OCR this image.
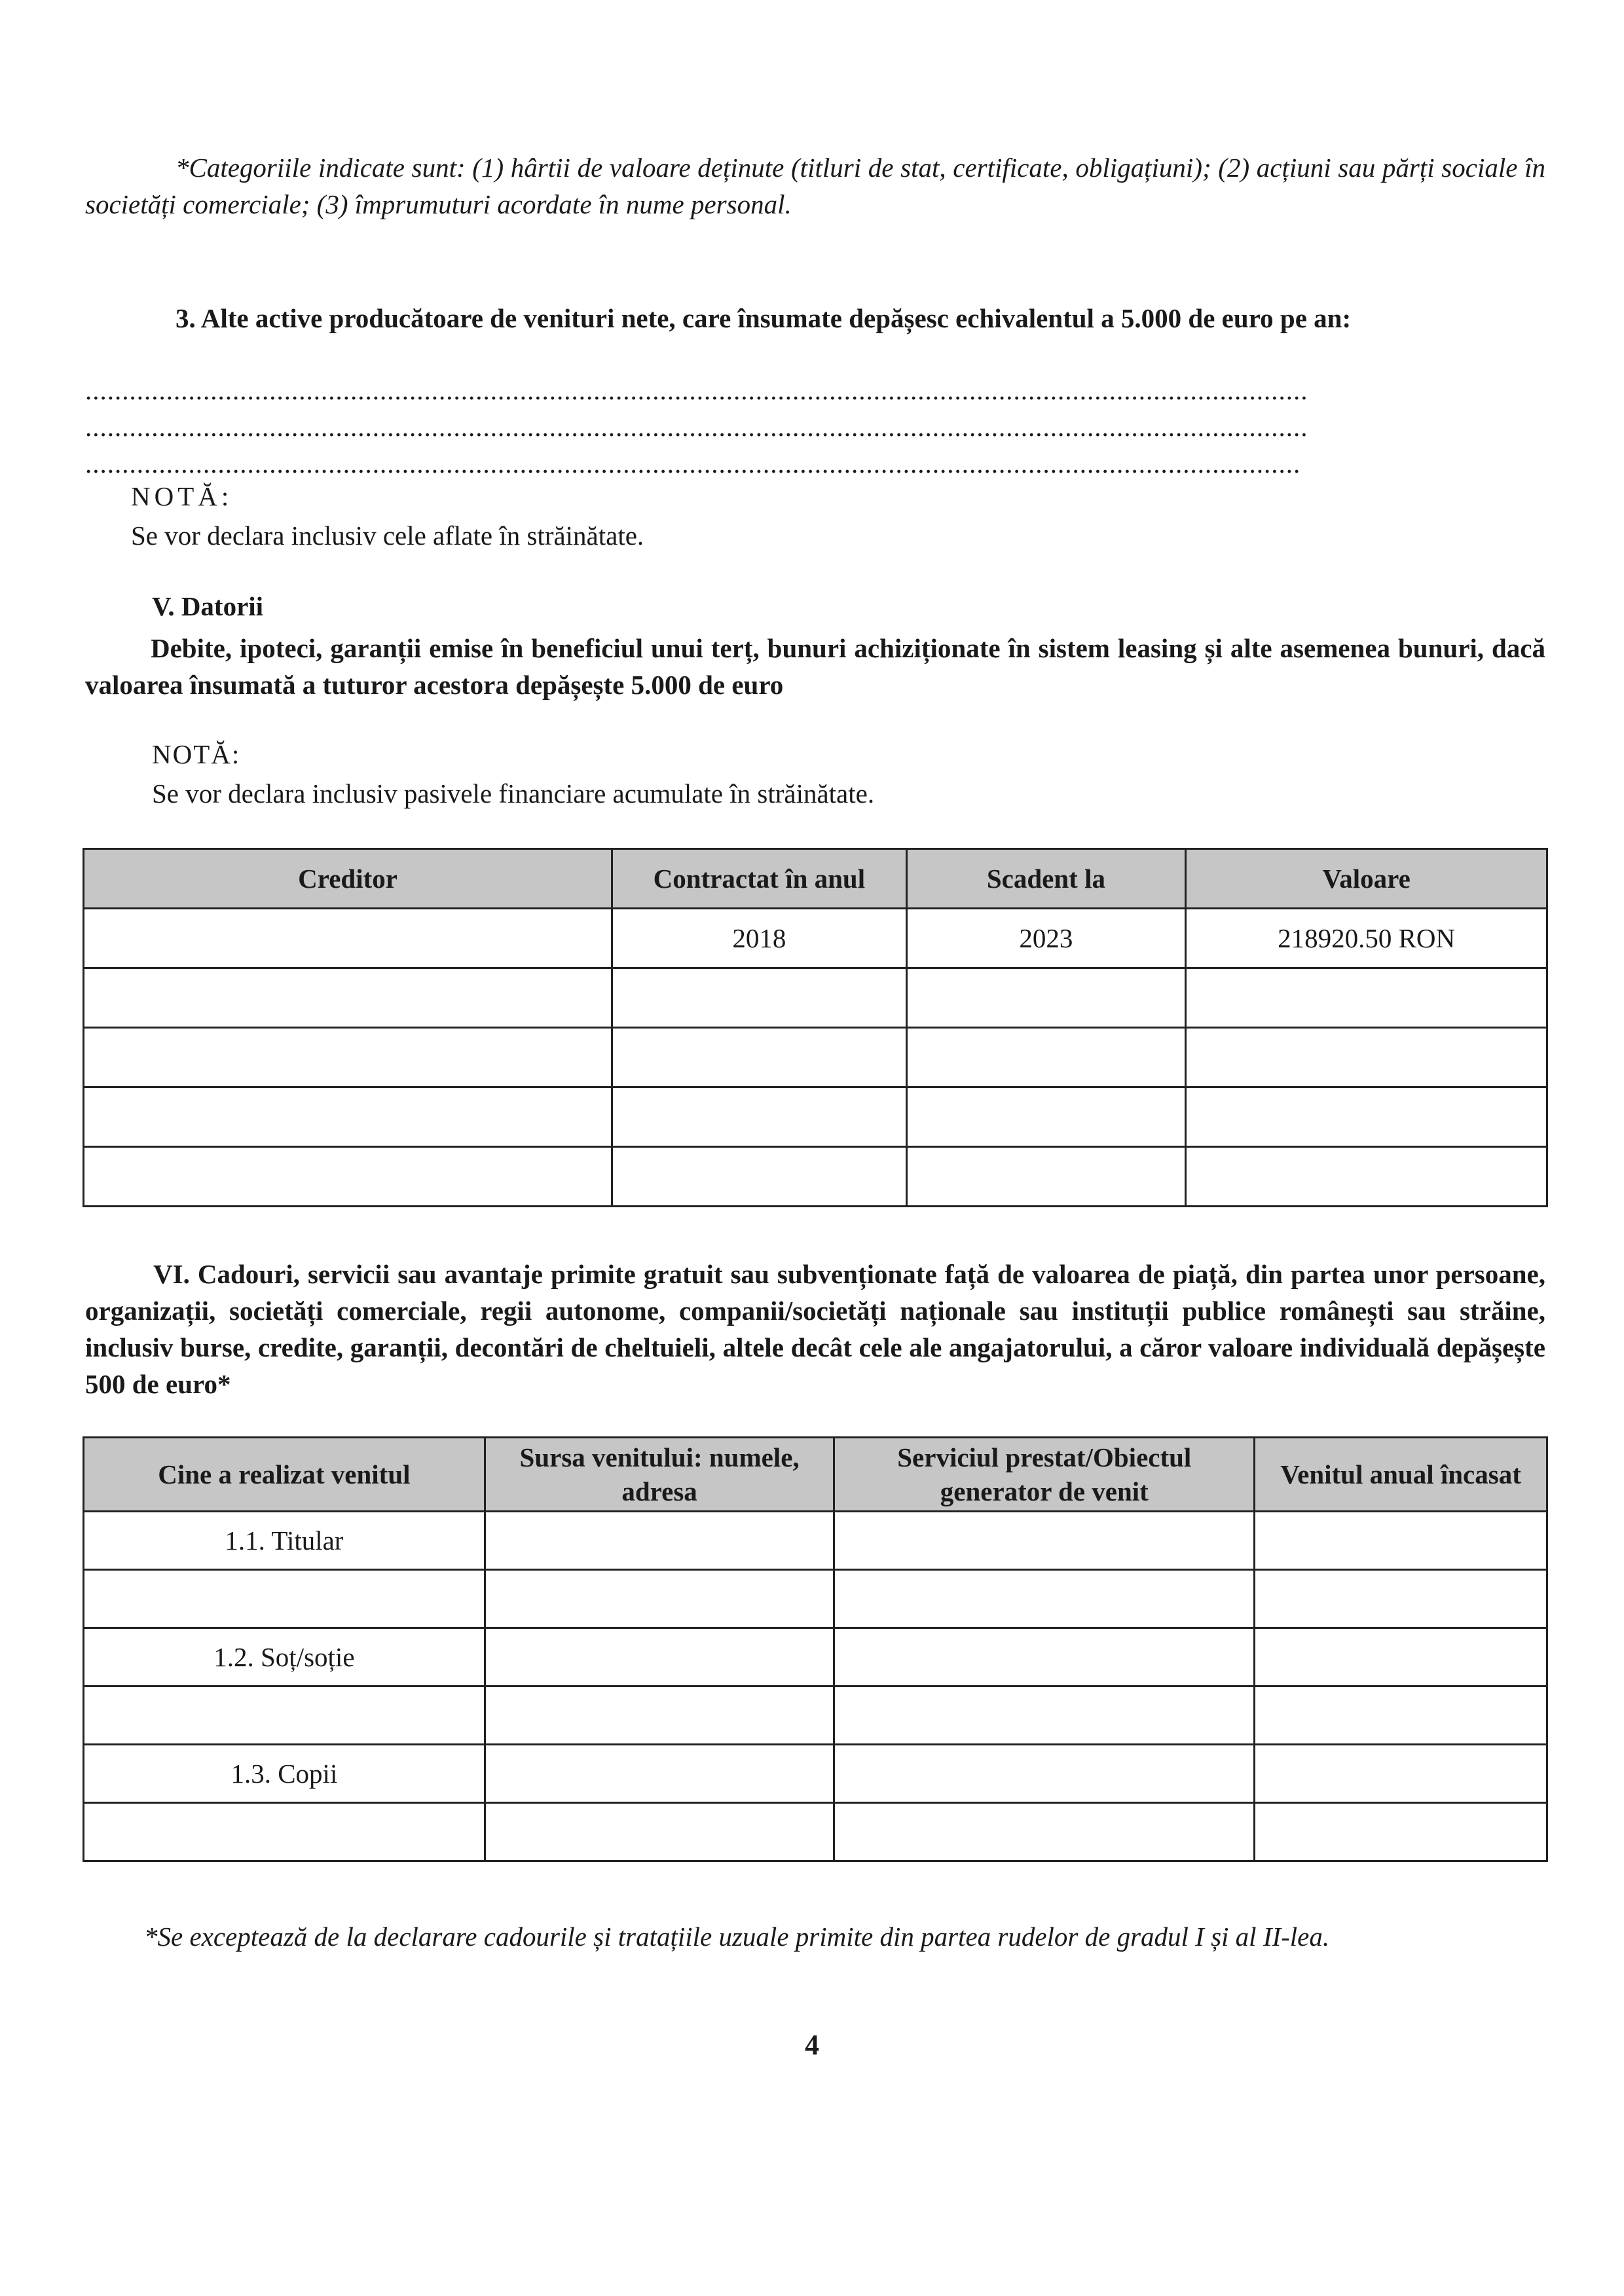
*Categoriile indicate sunt: (1) hârtii de valoare deținute (titluri de stat, certificate, obligațiuni); (2) acțiuni sau părți sociale în societăți comerciale; (3) împrumuturi acordate în nume personal.
3. Alte active producătoare de venituri nete, care însumate depășesc echivalentul a 5.000 de euro pe an:
......................................................................................................................................................................
......................................................................................................................................................................
.....................................................................................................................................................................
NOTĂ:
Se vor declara inclusiv cele aflate în străinătate.
V. Datorii
Debite, ipoteci, garanții emise în beneficiul unui terț, bunuri achiziționate în sistem leasing și alte asemenea bunuri, dacă valoarea însumată a tuturor acestora depășește 5.000 de euro
NOTĂ:
Se vor declara inclusiv pasivele financiare acumulate în străinătate.
Creditor	Contractat în anul	Scadent la	Valoare
	2018	2023	218920.50 RON

VI. Cadouri, servicii sau avantaje primite gratuit sau subvenționate față de valoarea de piață, din partea unor persoane, organizații, societăți comerciale, regii autonome, companii/societăți naționale sau instituții publice românești sau străine, inclusiv burse, credite, garanții, decontări de cheltuieli, altele decât cele ale angajatorului, a căror valoare individuală depășește 500 de euro*
Cine a realizat venitul	Sursa venitului: numele, adresa	Serviciul prestat/Obiectul generator de venit	Venitul anual încasat
1.1. Titular			

1.2. Soț/soție			

1.3. Copii			

*Se exceptează de la declarare cadourile și tratațiile uzuale primite din partea rudelor de gradul I și al II-lea.
4
